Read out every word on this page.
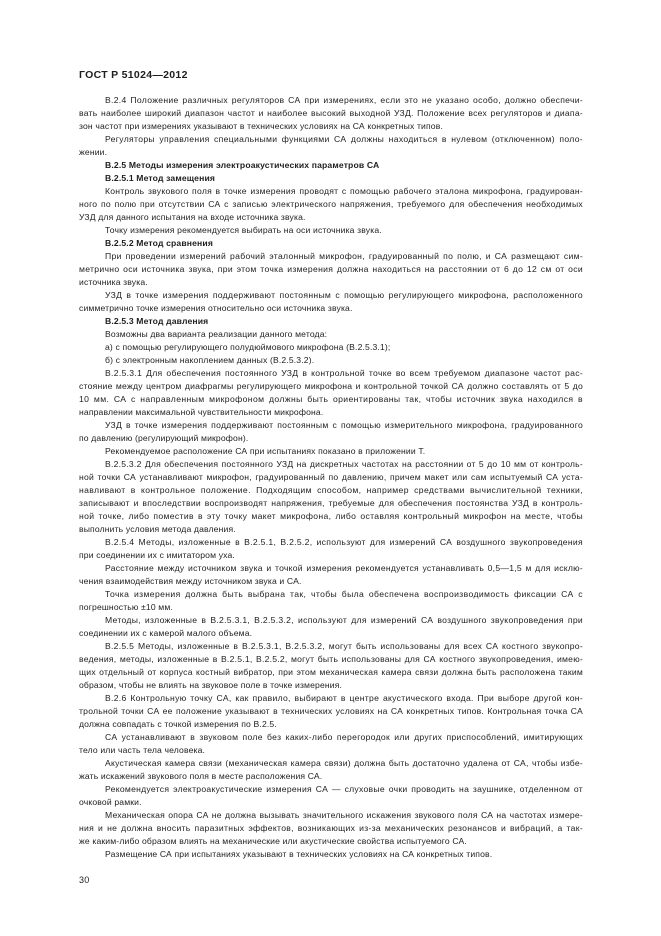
ГОСТ Р 51024—2012
В.2.4 Положение различных регуляторов СА при измерениях, если это не указано особо, должно обеспечи-
вать наиболее широкий диапазон частот и наиболее высокий выходной УЗД. Положение всех регуляторов и диапа-
зон частот при измерениях указывают в технических условиях на СА конкретных типов.
Регуляторы управления специальными функциями СА должны находиться в нулевом (отключенном) поло-
жении.
В.2.5 Методы измерения электроакустических параметров СА
В.2.5.1 Метод замещения
Контроль звукового поля в точке измерения проводят с помощью рабочего эталона микрофона, градуирован-
ного по полю при отсутствии СА с записью электрического напряжения, требуемого для обеспечения необходимых
УЗД для данного испытания на входе источника звука.
Точку измерения рекомендуется выбирать на оси источника звука.
В.2.5.2 Метод сравнения
При проведении измерений рабочий эталонный микрофон, градуированный по полю, и СА размещают сим-
метрично оси источника звука, при этом точка измерения должна находиться на расстоянии от 6 до 12 см от оси
источника звука.
УЗД в точке измерения поддерживают постоянным с помощью регулирующего микрофона, расположенного
симметрично точке измерения относительно оси источника звука.
В.2.5.3 Метод давления
Возможны два варианта реализации данного метода:
а) с помощью регулирующего полудюймового микрофона (В.2.5.3.1);
б) с электронным накоплением данных (В.2.5.3.2).
В.2.5.3.1 Для обеспечения постоянного УЗД в контрольной точке во всем требуемом диапазоне частот рас-
стояние между центром диафрагмы регулирующего микрофона и контрольной точкой СА должно составлять от 5 до
10 мм. СА с направленным микрофоном должны быть ориентированы так, чтобы источник звука находился в
направлении максимальной чувствительности микрофона.
УЗД в точке измерения поддерживают постоянным с помощью измерительного микрофона, градуированного
по давлению (регулирующий микрофон).
Рекомендуемое расположение СА при испытаниях показано в приложении Т.
В.2.5.3.2 Для обеспечения постоянного УЗД на дискретных частотах на расстоянии от 5 до 10 мм от контроль-
ной точки СА устанавливают микрофон, градуированный по давлению, причем макет или сам испытуемый СА уста-
навливают в контрольное положение. Подходящим способом, например средствами вычислительной техники,
записывают и впоследствии воспроизводят напряжения, требуемые для обеспечения постоянства УЗД в контроль-
ной точке, либо поместив в эту точку макет микрофона, либо оставляя контрольный микрофон на месте, чтобы
выполнить условия метода давления.
В.2.5.4 Методы, изложенные в В.2.5.1, В.2.5.2, используют для измерений СА воздушного звукопроведения
при соединении их с имитатором уха.
Расстояние между источником звука и точкой измерения рекомендуется устанавливать 0,5—1,5 м для исклю-
чения взаимодействия между источником звука и СА.
Точка измерения должна быть выбрана так, чтобы была обеспечена воспроизводимость фиксации СА с
погрешностью ±10 мм.
Методы, изложенные в В.2.5.3.1, В.2.5.3.2, используют для измерений СА воздушного звукопроведения при
соединении их с камерой малого объема.
В.2.5.5 Методы, изложенные в В.2.5.3.1, В.2.5.3.2, могут быть использованы для всех СА костного звукопро-
ведения, методы, изложенные в В.2.5.1, В.2.5.2, могут быть использованы для СА костного звукопроведения, имею-
щих отдельный от корпуса костный вибратор, при этом механическая камера связи должна быть расположена таким
образом, чтобы не влиять на звуковое поле в точке измерения.
В.2.6 Контрольную точку СА, как правило, выбирают в центре акустического входа. При выборе другой кон-
трольной точки СА ее положение указывают в технических условиях на СА конкретных типов. Контрольная точка СА
должна совпадать с точкой измерения по В.2.5.
СА устанавливают в звуковом поле без каких-либо перегородок или других приспособлений, имитирующих
тело или часть тела человека.
Акустическая камера связи (механическая камера связи) должна быть достаточно удалена от СА, чтобы избе-
жать искажений звукового поля в месте расположения СА.
Рекомендуется электроакустические измерения СА — слуховые очки проводить на заушнике, отделенном от
очковой рамки.
Механическая опора СА не должна вызывать значительного искажения звукового поля СА на частотах измере-
ния и не должна вносить паразитных эффектов, возникающих из-за механических резонансов и вибраций, а так-
же каким-либо образом влиять на механические или акустические свойства испытуемого СА.
Размещение СА при испытаниях указывают в технических условиях на СА конкретных типов.
30
